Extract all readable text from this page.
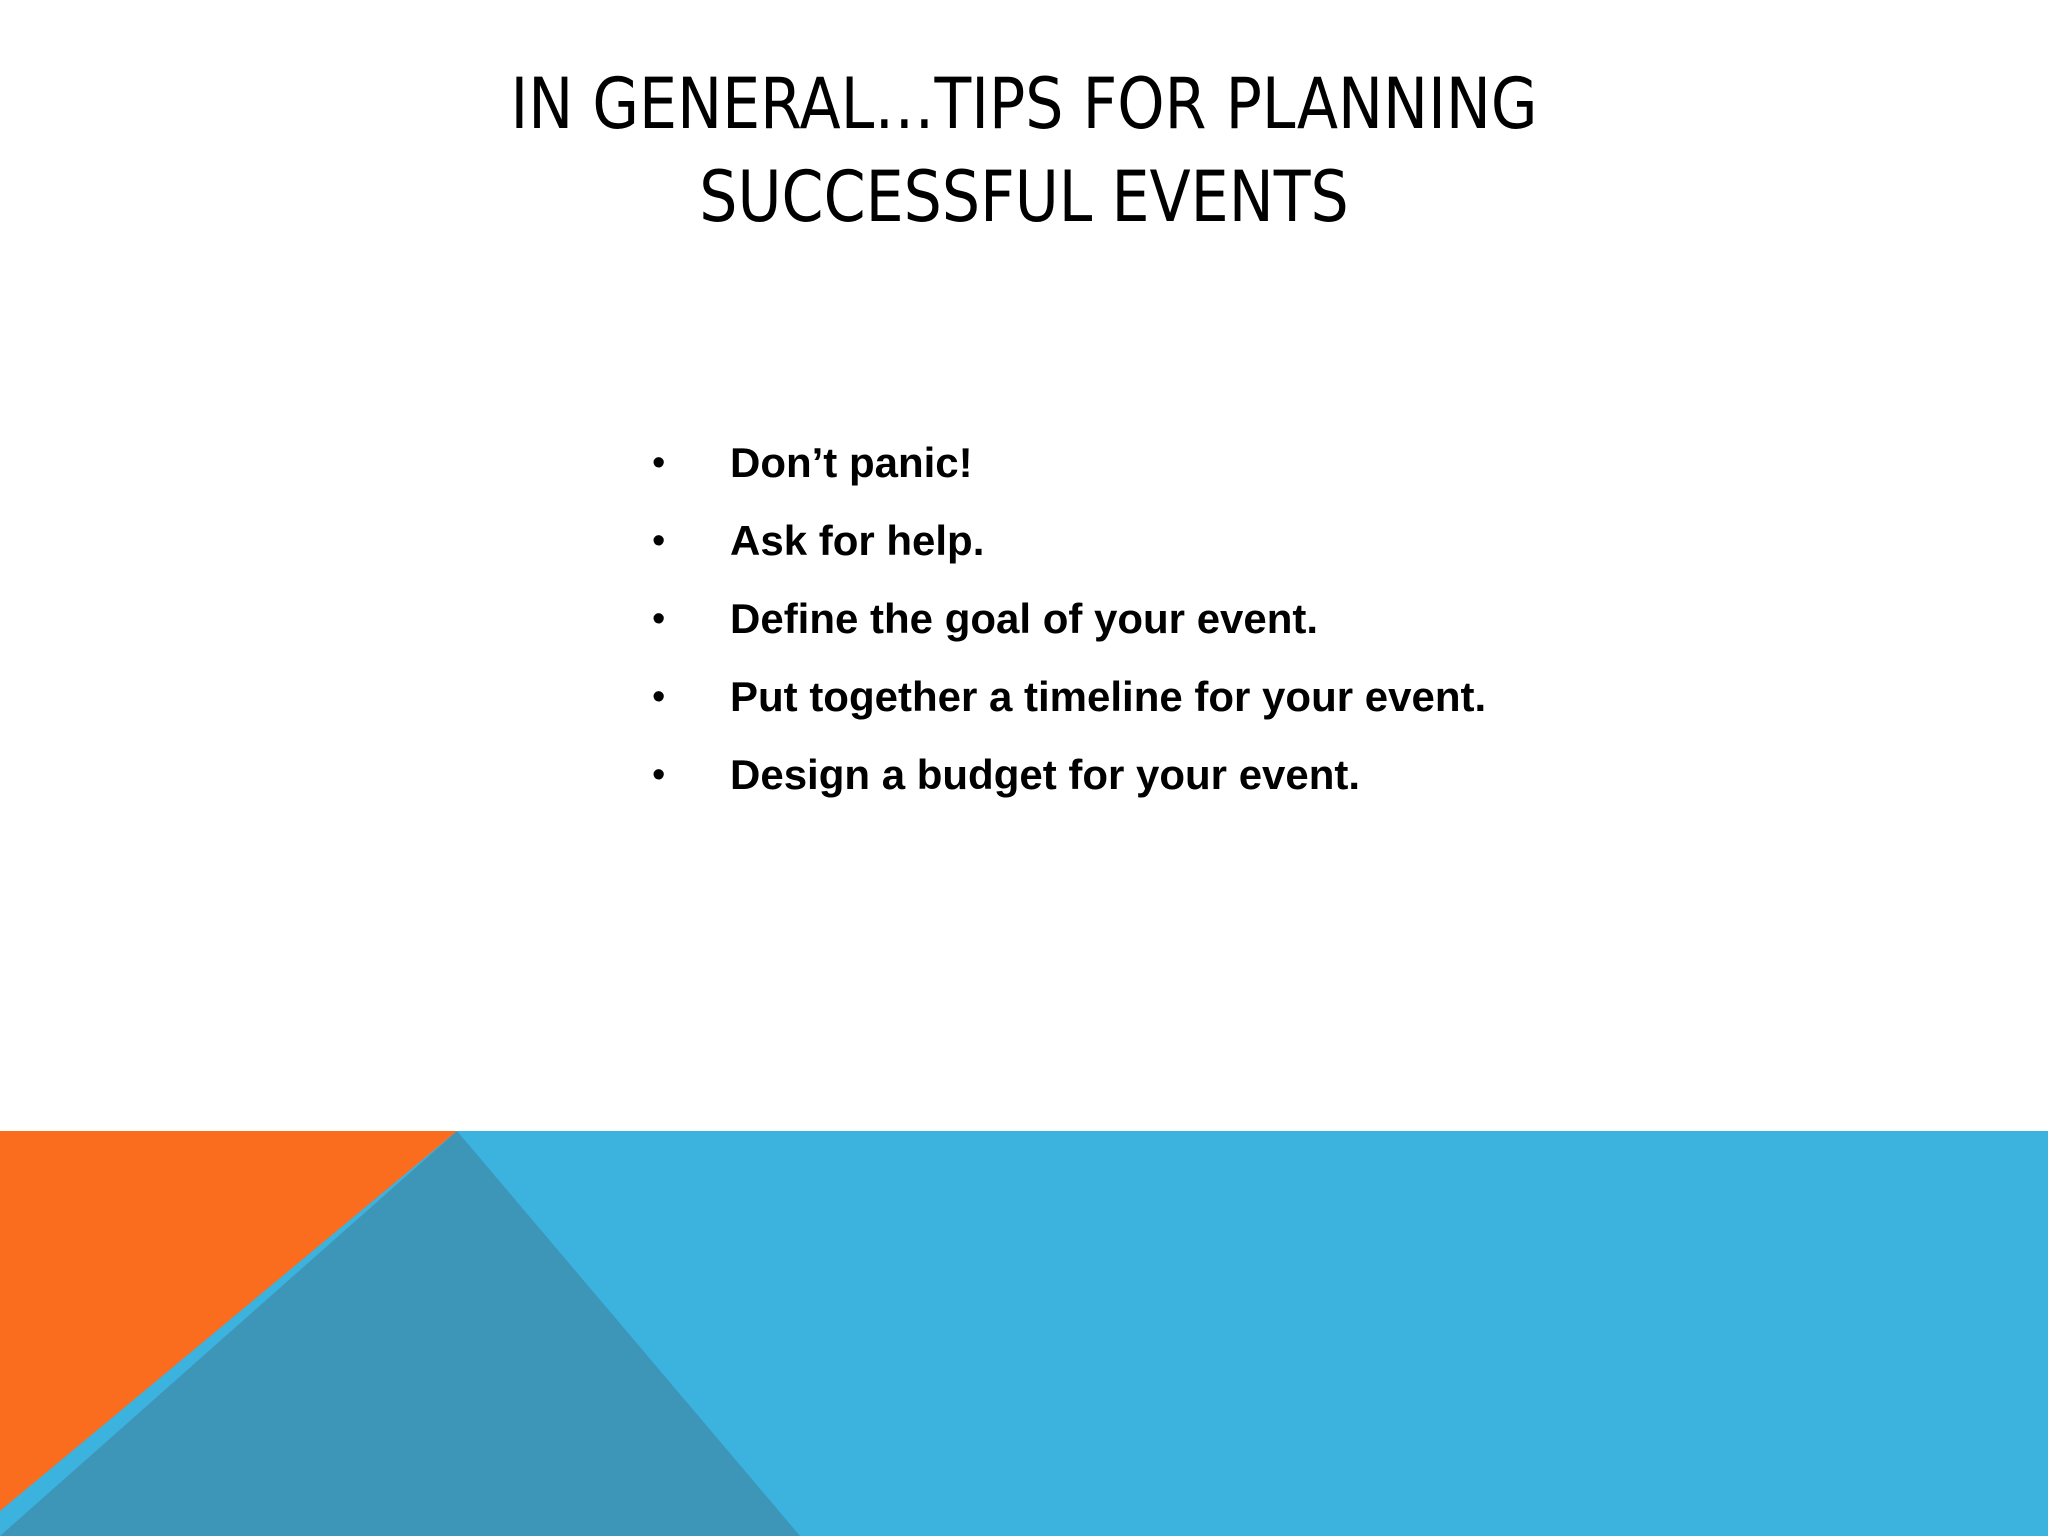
IN GENERAL…TIPS FOR PLANNING
SUCCESSFUL EVENTS
• Don’t panic!
• Ask for help.
• Define the goal of your event.
• Put together a timeline for your event.
• Design a budget for your event.
